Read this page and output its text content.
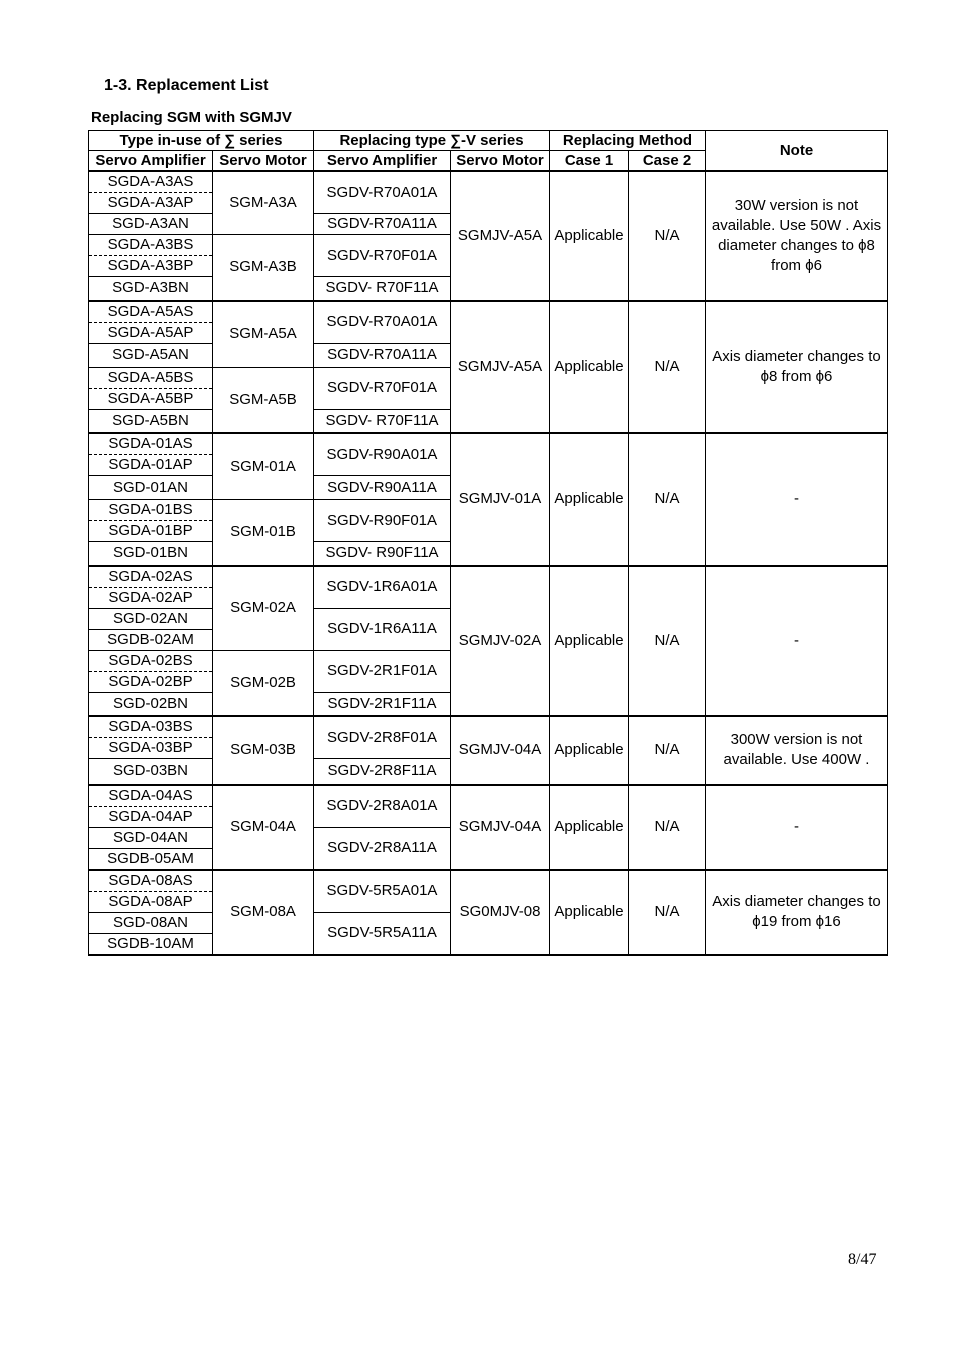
1-3. Replacement List
Replacing SGM with SGMJV
Type in-use of ∑ series		Replacing type ∑-V series		Replacing Method		Note
Servo Amplifier	Servo Motor	Servo Amplifier	Servo Motor	Case 1	Case 2	
SGDA-A3AS	SGM-A3A	SGDV-R70A01A	SGMJV-A5A	Applicable	N/A	30W version is not available. Use 50W . Axis diameter changes to ϕ8 from ϕ6
SGDA-A3AP						
SGD-A3AN		SGDV-R70A11A				
SGDA-A3BS	SGM-A3B	SGDV-R70F01A				
SGDA-A3BP						
SGD-A3BN		SGDV- R70F11A				
SGDA-A5AS	SGM-A5A	SGDV-R70A01A	SGMJV-A5A	Applicable	N/A	Axis diameter changes to ϕ8 from ϕ6
SGDA-A5AP						
SGD-A5AN		SGDV-R70A11A				
SGDA-A5BS	SGM-A5B	SGDV-R70F01A				
SGDA-A5BP						
SGD-A5BN		SGDV- R70F11A				
SGDA-01AS	SGM-01A	SGDV-R90A01A	SGMJV-01A	Applicable	N/A	-
SGDA-01AP						
SGD-01AN		SGDV-R90A11A				
SGDA-01BS	SGM-01B	SGDV-R90F01A				
SGDA-01BP						
SGD-01BN		SGDV- R90F11A				
SGDA-02AS	SGM-02A	SGDV-1R6A01A	SGMJV-02A	Applicable	N/A	-
SGDA-02AP						
SGD-02AN		SGDV-1R6A11A				
SGDB-02AM						
SGDA-02BS	SGM-02B	SGDV-2R1F01A				
SGDA-02BP						
SGD-02BN		SGDV-2R1F11A				
SGDA-03BS	SGM-03B	SGDV-2R8F01A	SGMJV-04A	Applicable	N/A	300W version is not available. Use 400W .
SGDA-03BP						
SGD-03BN		SGDV-2R8F11A				
SGDA-04AS	SGM-04A	SGDV-2R8A01A	SGMJV-04A	Applicable	N/A	-
SGDA-04AP						
SGD-04AN		SGDV-2R8A11A				
SGDB-05AM						
SGDA-08AS	SGM-08A	SGDV-5R5A01A	SG0MJV-08	Applicable	N/A	Axis diameter changes to ϕ19 from ϕ16
SGDA-08AP						
SGD-08AN		SGDV-5R5A11A				
SGDB-10AM						
8/47
